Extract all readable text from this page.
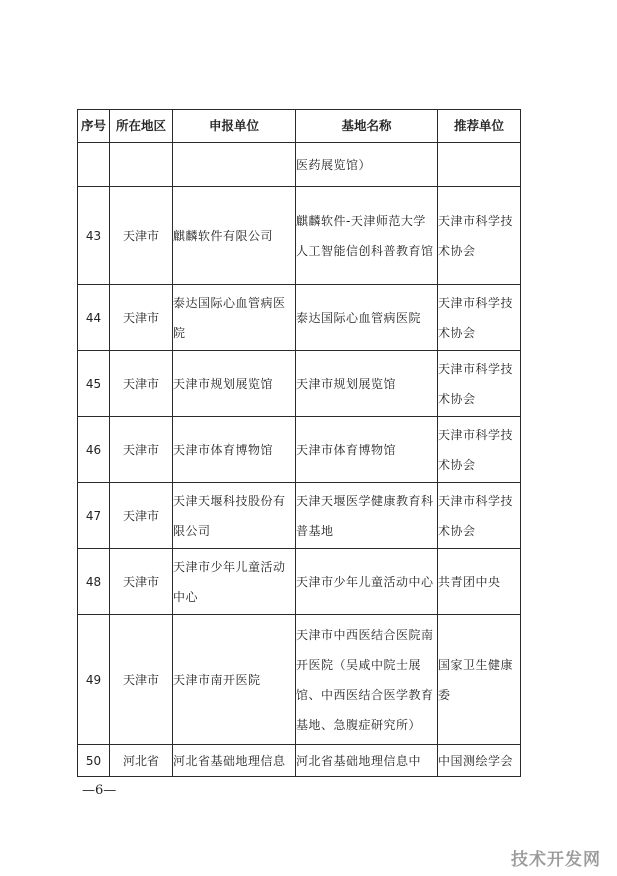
序号	所在地区	申报单位	基地名称	推荐单位
			医药展览馆）	
43	天津市	麒麟软件有限公司	麒麟软件-天津师范大学人工智能信创科普教育馆	天津市科学技术协会
44	天津市	泰达国际心血管病医院	泰达国际心血管病医院	天津市科学技术协会
45	天津市	天津市规划展览馆	天津市规划展览馆	天津市科学技术协会
46	天津市	天津市体育博物馆	天津市体育博物馆	天津市科学技术协会
47	天津市	天津天堰科技股份有限公司	天津天堰医学健康教育科普基地	天津市科学技术协会
48	天津市	天津市少年儿童活动中心	天津市少年儿童活动中心	共青团中央
49	天津市	天津市南开医院	天津市中西医结合医院南开医院（吴咸中院士展馆、中西医结合医学教育基地、急腹症研究所）	国家卫生健康委
50	河北省	河北省基础地理信息	河北省基础地理信息中	中国测绘学会
—6—
技术开发网
